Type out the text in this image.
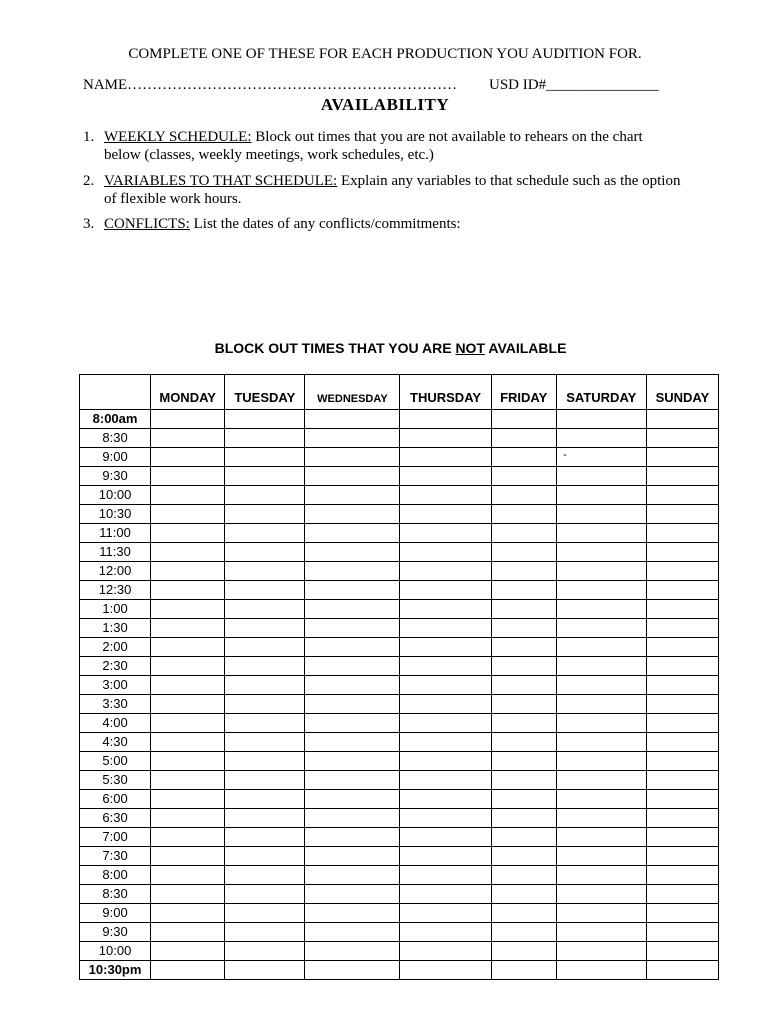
COMPLETE ONE OF THESE FOR EACH PRODUCTION YOU AUDITION FOR.
NAME………………………………………………………… USD ID#_______________
AVAILABILITY
1. WEEKLY SCHEDULE: Block out times that you are not available to rehears on the chart below (classes, weekly meetings, work schedules, etc.)
2. VARIABLES TO THAT SCHEDULE: Explain any variables to that schedule such as the option of flexible work hours.
3. CONFLICTS: List the dates of any conflicts/commitments:
BLOCK OUT TIMES THAT YOU ARE NOT AVAILABLE
	MONDAY	TUESDAY	WEDNESDAY	THURSDAY	FRIDAY	SATURDAY	SUNDAY
8:00am							
8:30							
9:00							
9:30							
10:00							
10:30							
11:00							
11:30							
12:00							
12:30							
1:00							
1:30							
2:00							
2:30							
3:00							
3:30							
4:00							
4:30							
5:00							
5:30							
6:00							
6:30							
7:00							
7:30							
8:00							
8:30							
9:00							
9:30							
10:00							
10:30pm							
-
